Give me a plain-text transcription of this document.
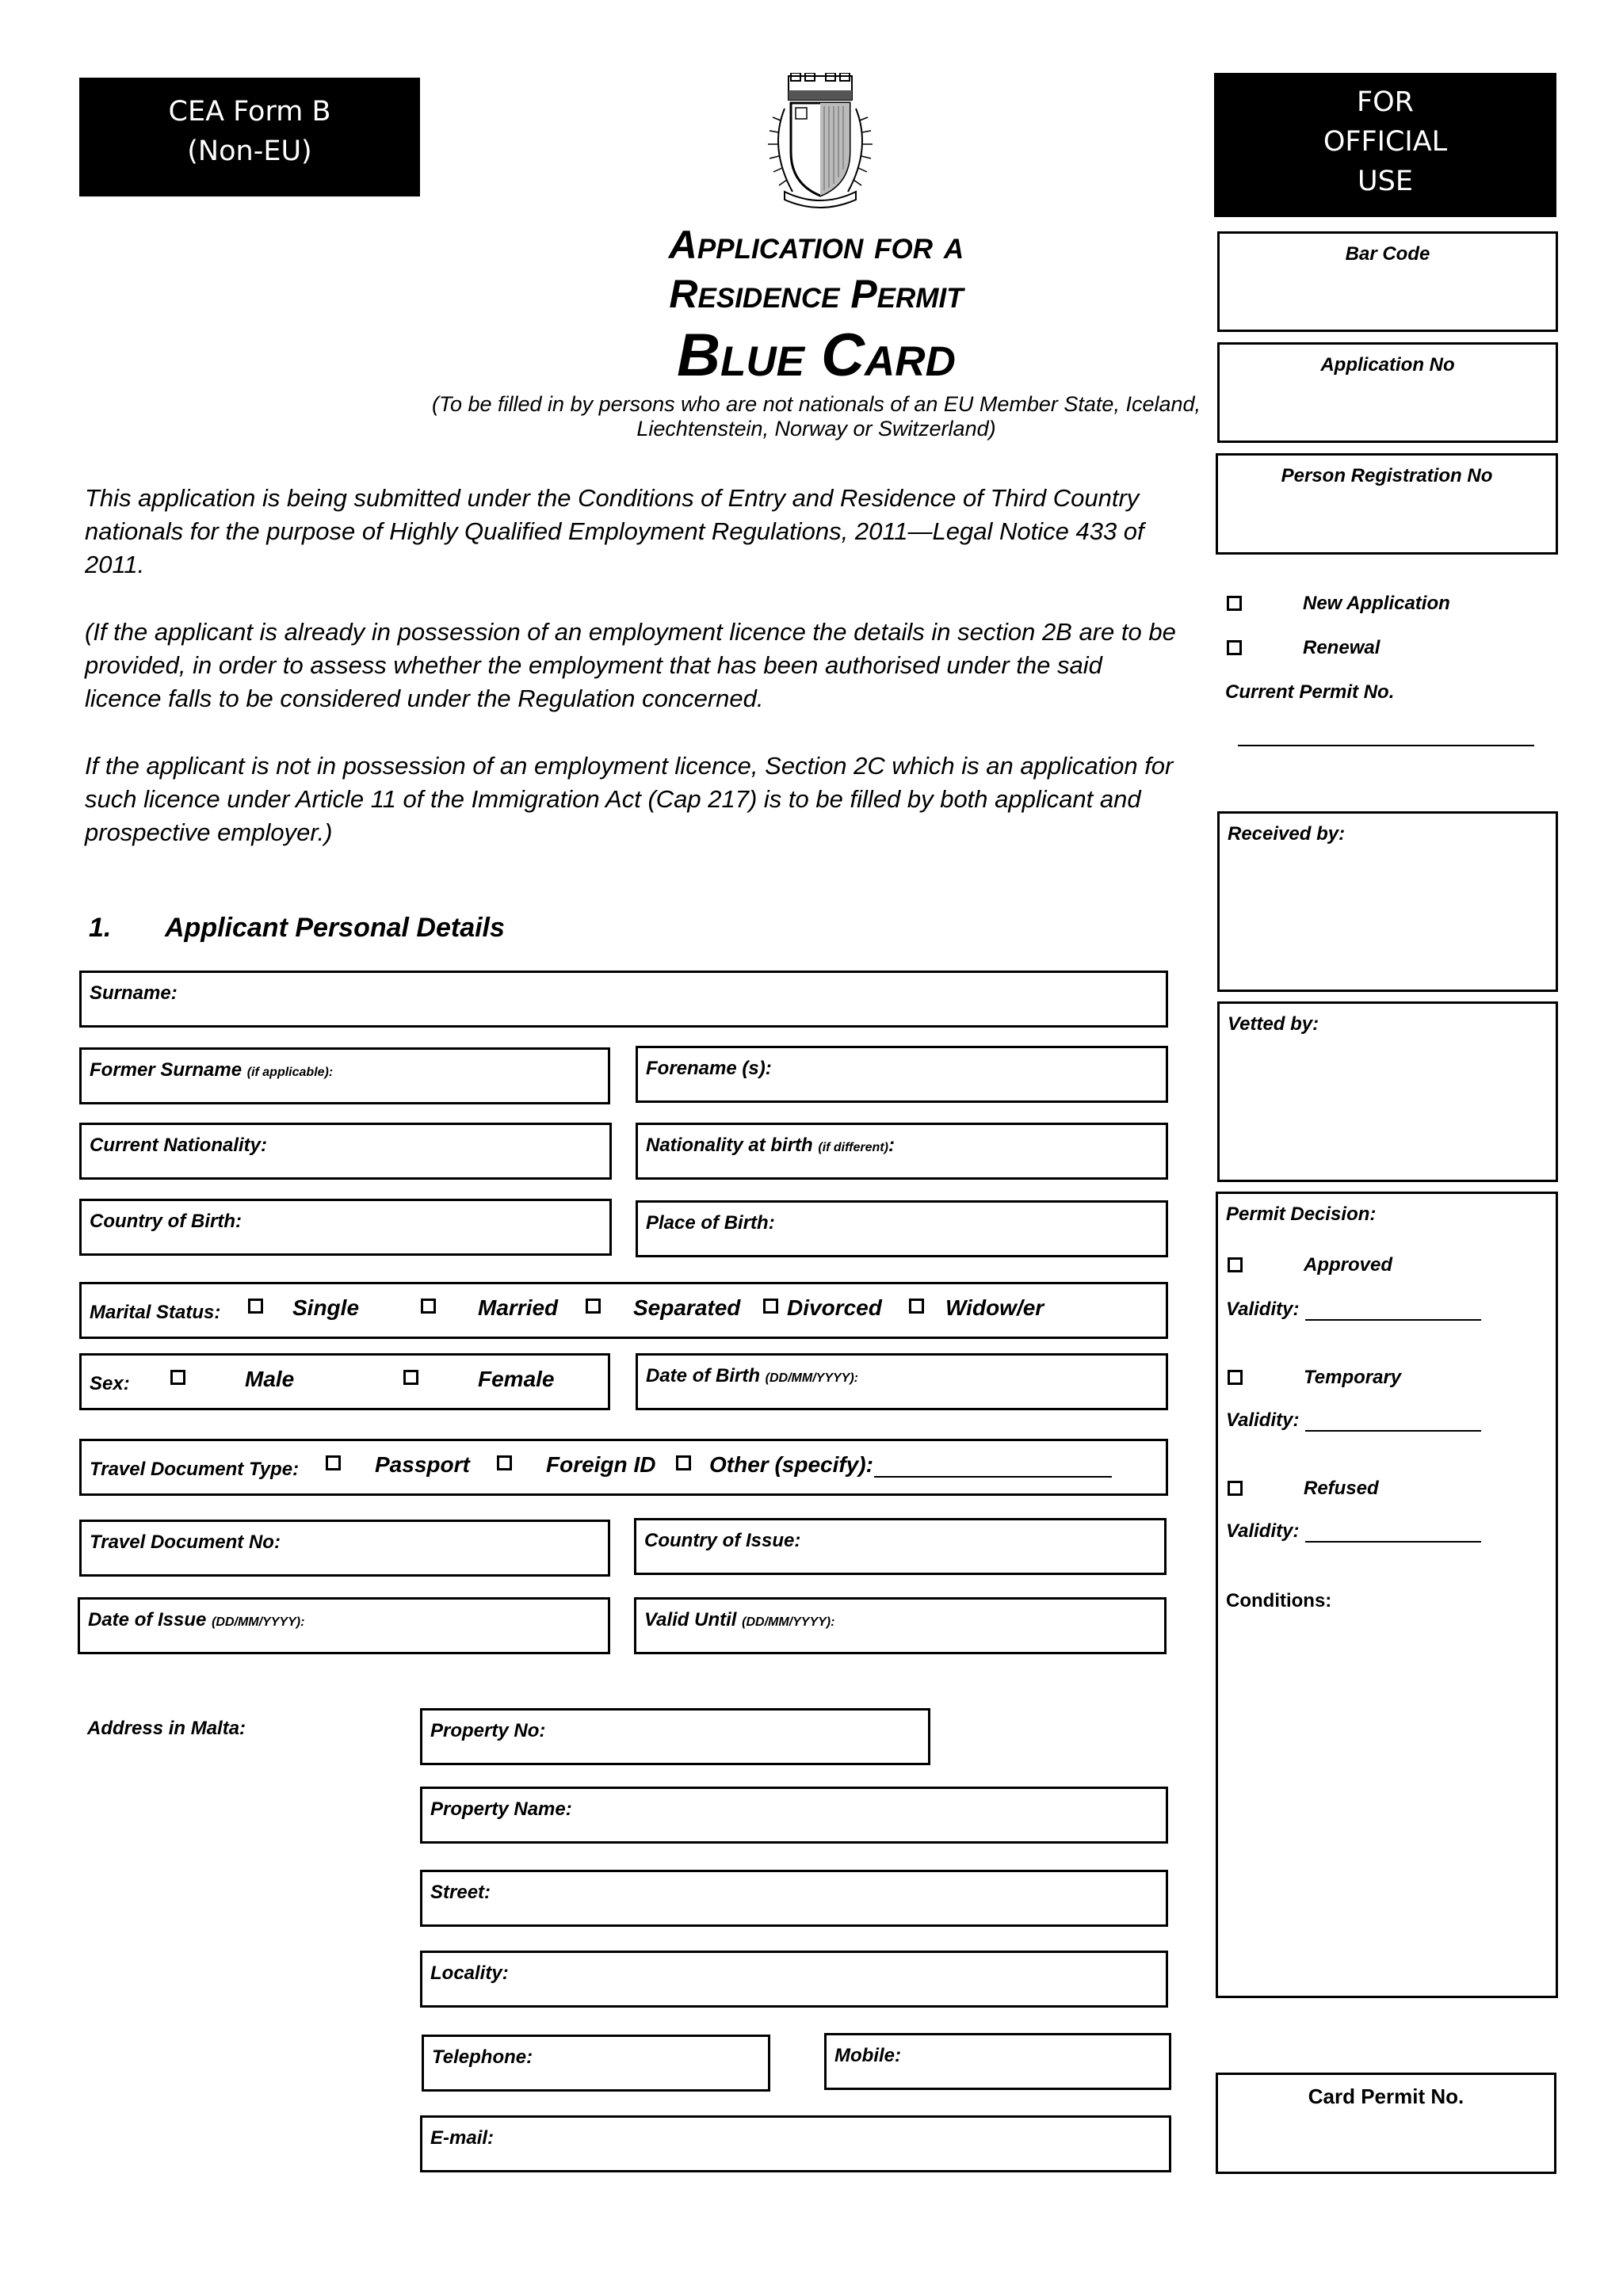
CEA Form B
(Non-EU)
FOR
OFFICIAL
USE
Application for a
Residence Permit
Blue Card
(To be filled in by persons who are not nationals of an EU Member State, Iceland,
Liechtenstein, Norway or Switzerland)
This application is being submitted under the Conditions of Entry and Residence of Third Country nationals for the purpose of Highly Qualified Employment Regulations, 2011—Legal Notice 433 of 2011.
(If the applicant is already in possession of an employment licence the details in section 2B are to be provided, in order to assess whether the employment that has been authorised under the said licence falls to be considered under the Regulation concerned.
If the applicant is not in possession of an employment licence, Section 2C which is an application for such licence under Article 11 of the Immigration Act (Cap 217) is to be filled by both applicant and prospective employer.)
1. Applicant Personal Details
Surname:
Former Surname (if applicable):	Forename (s):
Current Nationality:	Nationality at birth (if different):
Country of Birth:	Place of Birth:
Marital Status:	Single	Married	Separated Divorced	Widow/er
Sex:	Male	Female	Date of Birth (DD/MM/YYYY):
Travel Document Type:	Passport	Foreign ID Other (specify):
Travel Document No:	Country of Issue:
Date of Issue (DD/MM/YYYY):	Valid Until (DD/MM/YYYY):
Address in Malta:	Property No:
Property Name:
Street:
Locality:
Telephone:	Mobile:
E-mail:
Bar Code
Application No
Person Registration No
New Application
Renewal
Current Permit No.
Received by:
Vetted by:
Permit Decision:
Approved
Validity:
Temporary
Validity:
Refused
Validity:
Conditions:
Card Permit No.
